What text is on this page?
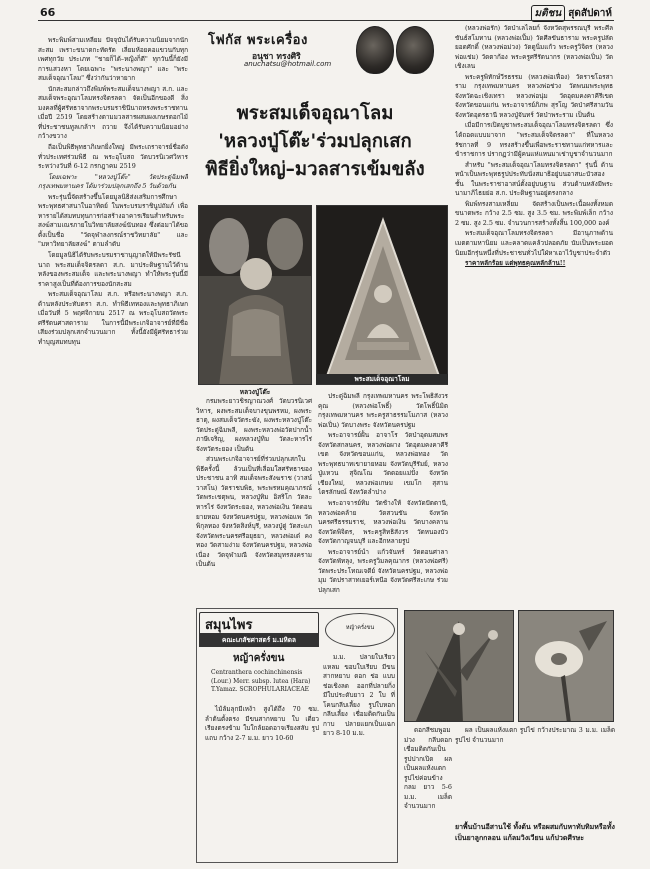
66	มติชน สุดสัปดาห์
โฟกัส พระเครื่อง
อนุชา ทรงศิริ
anuchatsu@hotmail.com

พระพิมพ์สามเหลี่ยม ปัจจุบันได้รับความนิยมจากนักสะสม เพราะขนาดกะทัดรัด เลี่ยมห้อยคอแขวนกับทุกเพศทุกวัย ประเภท "ชายก็ได้–หญิงก็ดี" ทุกวันนี้ก็ยังมีการแสวงหา โดยเฉพาะ "พระนางพญา" และ "พระสมเด็จอุณาโลม" ซึ่งว่ากันว่าหายาก

นักสะสมกล่าวถึงพิมพ์พระสมเด็จนางพญา ส.ก. และสมเด็จพระอุณาโลมทรงจิตรลดา จัดเป็นอีกของดี สิ่งมงคลที่ผู้ศรัทธาจากพระบรมราชินีนาถทรงพระราชทานเมื่อปี 2519 โดยสร้างตามมวลสารผสมผงเกษรดอกไม้ที่ประชาชนทูลเกล้าฯ ถวาย จึงได้รับความนิยมอย่างกว้างขวาง

ถือเป็นพิธีพุทธาภิเษกยิ่งใหญ่ มีพระเถราจารย์ชื่อดังทั่วประเทศร่วมพิธี ณ พระอุโบสถ วัดบวรนิเวศวิหาร ระหว่างวันที่ 6-12 กรกฎาคม 2519

โดยเฉพาะ "หลวงปู่โต๊ะ" วัดประดู่ฉิมพลี กรุงเทพมหานคร ได้มาร่วมปลุกเสกถึง 5 วันด้วยกัน

พระรุ่นนี้จัดสร้างขึ้นโดยมูลนิธิส่งเสริมการศึกษาพระพุทธศาสนาในอาทิตย์ ในพระบรมราชินูปถัมภ์ เพื่อหารายได้สมทบทุนการก่อสร้างอาคารเรียนสำหรับพระสงฆ์สามเณรภายในวิทยาลัยสงฆ์นันทอง ซึ่งต่อมาได้ขอตั้งเป็นชื่อ "วัดจุฬาลงกรณ์ราชวิทยาลัย" และ "มหาวิทยาลัยสงฆ์" ตามลำดับ

โดยมูลนิธิได้รับพระบรมราชานุญาตให้มีพระรัชนีนาถ พระสมเด็จจิตรลดา ส.ก. มาประดิษฐานไว้ด้านหลังของพระสมเด็จ และพระนางพญา ทำให้พระรุ่นนี้มีราคาสูงเป็นที่ต้องการของนักสะสม

พระสมเด็จอุณาโลม ส.ก. หรือพระนางพญา ส.ก. ด้านหลังประทับตรา ส.ก. ทำพิธีเททองและพุทธาภิเษกเมื่อวันที่ 5 พฤศจิกายน 2517 ณ พระอุโบสถวัดพระศรีรัตนศาสดาราม ในการนี้มีพระเกจิอาจารย์ที่มีชื่อเสียงร่วมปลุกเสกจำนวนมาก ทั้งนี้ยังมีผู้ศรัทธาร่วมทำบุญสมทบทุน

พระสมเด็จอุณาโลม
'หลวงปู่โต๊ะ'ร่วมปลุกเสก
พิธียิ่งใหญ่–มวลสารเข้มขลัง
หลวงปู่โต๊ะ
พระสมเด็จอุณาโลม

กรมพระยาวชิรญาณวงศ์ วัดบวรนิเวศวิหาร, ผงพระสมเด็จบางขุนพรหม, ผงพระธาตุ, ผงสมเด็จวัดระฆัง, ผงพระหลวงปู่โต๊ะ วัดประดู่ฉิมพลี, ผงพระหลวงพ่อวัดปากน้ำ ภาษีเจริญ, ผงหลวงปู่ทิม วัดละหารไร่ จังหวัดระยอง เป็นต้น

ส่วนพระเกจิอาจารย์ที่ร่วมปลุกเสกในพิธีครั้งนี้ ล้วนเป็นที่เลื่อมใสศรัทธาของประชาชน อาทิ สมเด็จพระสังฆราช (วาสน์ วาสโน) วัดราชบพิธ, พระพรหมคุณาภรณ์ วัดพระเชตุพน, หลวงปู่ทิม อิสริโก วัดละหารไร่ จังหวัดระยอง, หลวงพ่อเงิน วัดดอนยายหอม จังหวัดนครปฐม, หลวงพ่อแพ วัดพิกุลทอง จังหวัดสิงห์บุรี, หลวงปู่ดู่ วัดสะแก จังหวัดพระนครศรีอยุธยา, หลวงพ่อเต๋ คงทอง วัดสามง่าม จังหวัดนครปฐม, หลวงพ่อเนื่อง วัดจุฬามณี จังหวัดสมุทรสงคราม เป็นต้น

ประดู่ฉิมพลี กรุงเทพมหานคร พระโพธิสังวรคุณ (หลวงพ่อโพธิ์) วัดโพธิ์นิมิต กรุงเทพมหานคร พระครูสาธรรมโมภาส (หลวงพ่อเปิ่น) วัดบางพระ จังหวัดนครปฐม

พระอาจารย์ฝั้น อาจาโร วัดป่าอุดมสมพร จังหวัดสกลนคร, หลวงพ่อผาง วัดอุดมคงคาคีรีเขต จังหวัดขอนแก่น, หลวงพ่อทอง วัดพระพุทธบาทเขายายหอม จังหวัดบุรีรัมย์, หลวงปู่แหวน สุจิณโณ วัดดอยแม่ปั๋ง จังหวัดเชียงใหม่, หลวงพ่อเกษม เขมโก สุสานไตรลักษณ์ จังหวัดลำปาง

พระอาจารย์ทิม วัดช้างให้ จังหวัดปัตตานี, หลวงพ่อคล้าย วัดสวนขัน จังหวัดนครศรีธรรมราช, หลวงพ่อเงิน วัดบางคลาน จังหวัดพิจิตร, พระครูสิทธิสังวร วัดหนองบัว จังหวัดกาญจนบุรี และอีกหลายรูป

พระอาจารย์นำ แก้วจันทร์ วัดดอนศาลา จังหวัดพัทลุง, พระครูวิมลคุณากร (หลวงพ่อศรี) วัดพระประโทณเจดีย์ จังหวัดนครปฐม, หลวงพ่อมุม วัดปราสาทเยอร์เหนือ จังหวัดศรีสะเกษ ร่วมปลุกเสก

(หลวงพ่อรัก) วัดป่าเลไลยก์ จังหวัดสุพรรณบุรี พระศีลขันธ์สโมทาน (หลวงพ่อเปิ้ม) วัดศีลขันธาราม พระครูปลัดยอดศักดิ์ (หลวงพ่อม่วง) วัดดูนิ่มแก้ว พระครูวิจิตร (หลวงพ่อแช่ม) วัดตาก้อง พระครูศรีรัตนากร (หลวงพ่อเปิ่น) วัดเชิงเลน

พระครูพิทักษ์วีรธรรม (หลวงพ่อเฟื่อง) วัดราชโอรสาราม กรุงเทพมหานคร หลวงพ่อช่วง วัดพนมพระพุทธ จังหวัดฉะเชิงเทรา หลวงพ่อนุ่ม วัดอุดมคงคาคีรีเขต จังหวัดขอนแก่น พระอาจารย์ภิภพ สุรโญ วัดป่าศรีสามวัน จังหวัดอุดรธานี หลวงปู่จันทร์ วัดป่าพระราม เป็นต้น

เมื่อมีการเปิดบูชาพระสมเด็จอุณาโลมทรงจิตรลดา ซึ่งได้ถอดแบบมาจาก "พระสมเด็จจิตรลดา" ที่ในหลวงรัชกาลที่ 9 ทรงสร้างขึ้นเพื่อพระราชทานแก่ทหารและข้าราชการ ปรากฏว่ามีผู้คนแห่แหนมาเช่าบูชาจำนวนมาก

สำหรับ "พระสมเด็จอุณาโลมทรงจิตรลดา" รุ่นนี้ ด้านหน้าเป็นพระพุทธรูปประทับนั่งสมาธิอยู่บนอาสนะบัวสองชั้น ในพระราชาอาสน์ตั้งอยู่บนฐาน ส่วนด้านหลังมีพระนามาภิไธยย่อ ส.ก. ประดิษฐานอยู่ตรงกลาง

พิมพ์ทรงสามเหลี่ยม จัดสร้างเป็นพระเนื้อผงทั้งหมด ขนาดพระ กว้าง 2.5 ซม. สูง 3.5 ซม. พระพิมพ์เล็ก กว้าง 2 ซม. สูง 2.5 ซม. จำนวนการสร้างทั้งสิ้น 100,000 องค์

พระสมเด็จอุณาโลมทรงจิตรลดา มีอานุภาพด้านเมตตามหานิยม และคลาดแคล้วปลอดภัย นับเป็นพระยอดนิยมอีกรุ่นหนึ่งที่ประชาชนทั่วไปใฝ่หาเอาไว้บูชาประจำตัว

ราคาหลักร้อย แต่พุทธคุณหลักล้าน!!

สมุนไพร
คณะเภสัชศาสตร์ ม.มหิดล
หญ้าครั่งขน
หญ้าครั่งขน
Centranthera cochinchinensis (Lour.) Merr. subsp. lutea (Hara) T.Yamaz. SCROPHULARIACEAE

ไม้ล้มลุกมีเหง้า สูงได้ถึง 70 ซม. ลำต้นตั้งตรง มีขนสากหยาบ ใบ เดี่ยว เรียงตรงข้าม ใบใกล้ยอดอาจเรียงสลับ รูปแถบ กว้าง 2-7 ม.ม. ยาว 10-60

ม.ม. ปลายใบเรียวแหลม ขอบใบเรียบ มีขนสากหยาบ ดอก ช่อ แบบช่อเชิงลด ออกที่ปลายกิ่ง มีใบประดับยาว 2 ใบ ที่โคนกลีบเลี้ยง รูปใบหอก กลีบเลี้ยง เชื่อมติดกันเป็นกาบ ปลายแยกเป็นแฉก ยาว 8-10 ม.ม.	ดอกสีชมพูอมม่วง กลีบดอกเชื่อมติดกันเป็นรูปปากเปิด ผล เป็นผลแห้งแตก รูปไข่ค่อนข้างกลม ยาว 5-6 ม.ม. เมล็ดจำนวนมาก

ผล เป็นผลแห้งแตก รูปไข่ กว้างประมาณ 3 ม.ม. เมล็ดรูปไข่ จำนวนมาก

ยาพื้นบ้านอีสานใช้ ทั้งต้น หรือผสมกับหาทับทิมหรือทั้งเป็นยาลูกกลอน แก้ลมวิงเวียน แก้ปวดศีรษะ
